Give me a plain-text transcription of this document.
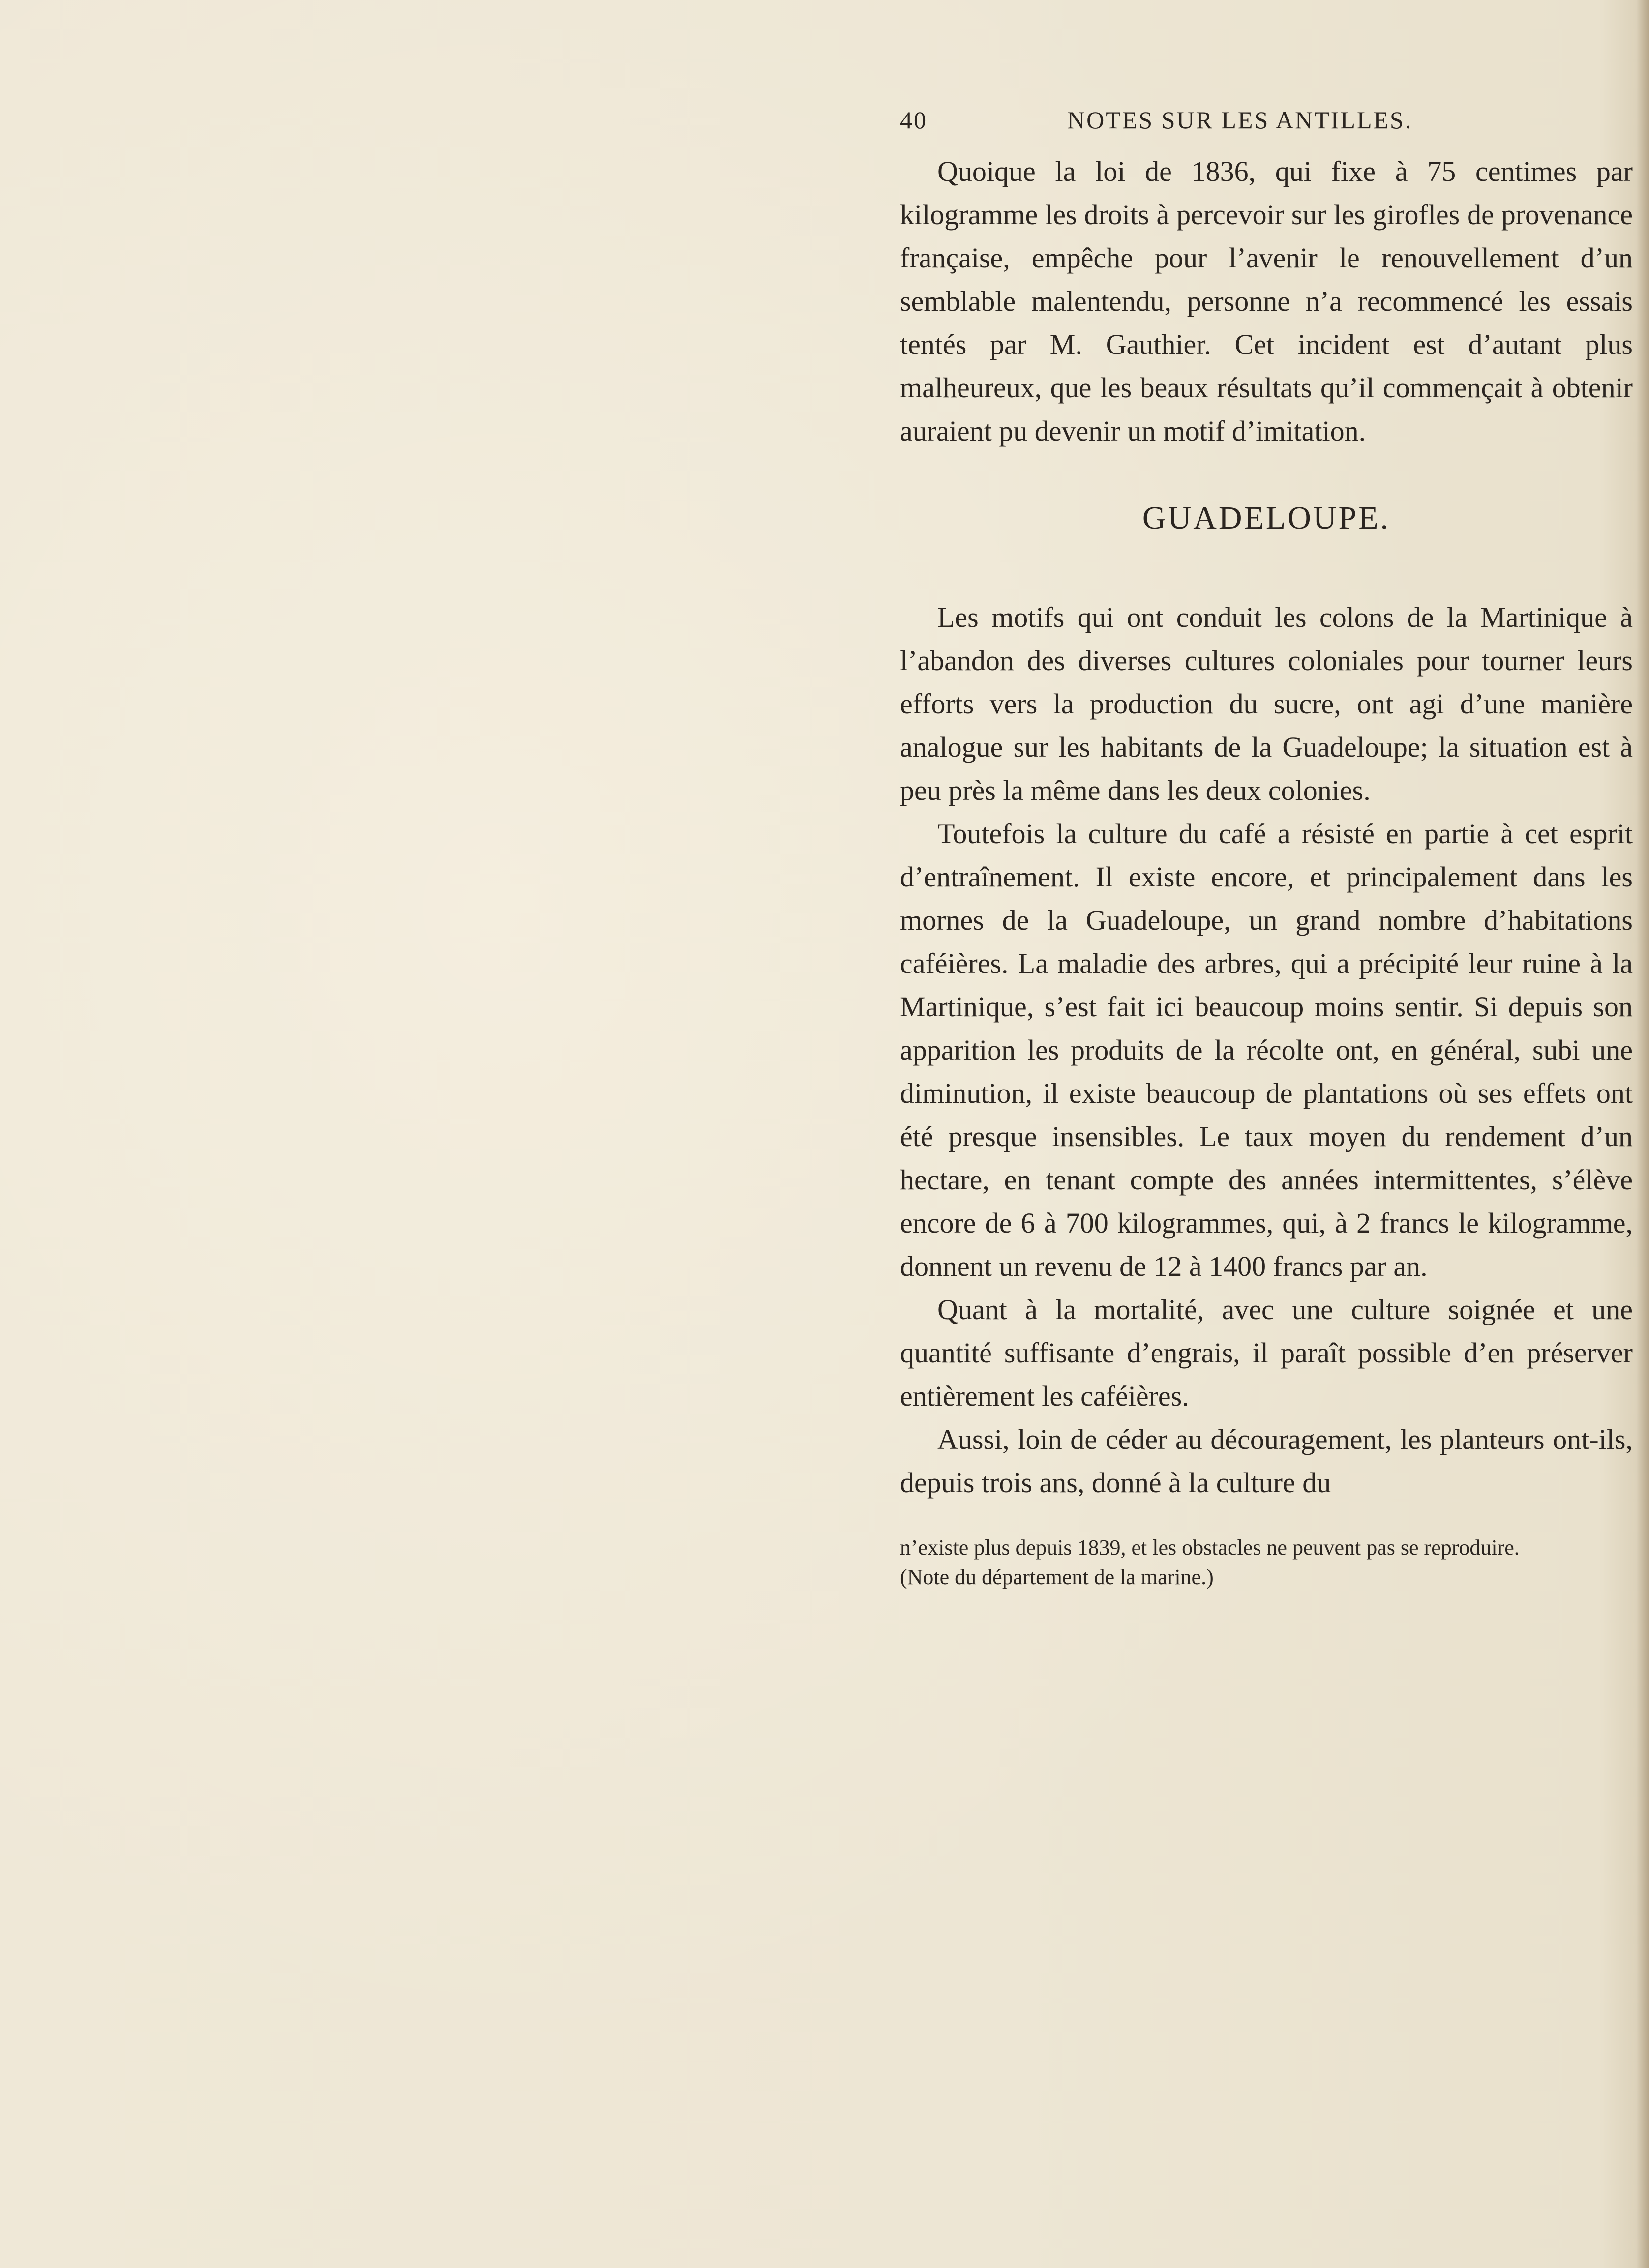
40	NOTES SUR LES ANTILLES.

Quoique la loi de 1836, qui fixe à 75 centimes par kilogramme les droits à percevoir sur les girofles de provenance française, empêche pour l’avenir le renouvellement d’un semblable malentendu, personne n’a recommencé les essais tentés par M. Gauthier. Cet incident est d’autant plus malheureux, que les beaux résultats qu’il commençait à obtenir auraient pu devenir un motif d’imitation.

GUADELOUPE.

Les motifs qui ont conduit les colons de la Martinique à l’abandon des diverses cultures coloniales pour tourner leurs efforts vers la production du sucre, ont agi d’une manière analogue sur les habitants de la Guadeloupe; la situation est à peu près la même dans les deux colonies.

Toutefois la culture du café a résisté en partie à cet esprit d’entraînement. Il existe encore, et principalement dans les mornes de la Guadeloupe, un grand nombre d’habitations caféières. La maladie des arbres, qui a précipité leur ruine à la Martinique, s’est fait ici beaucoup moins sentir. Si depuis son apparition les produits de la récolte ont, en général, subi une diminution, il existe beaucoup de plantations où ses effets ont été presque insensibles. Le taux moyen du rendement d’un hectare, en tenant compte des années intermittentes, s’élève encore de 6 à 700 kilogrammes, qui, à 2 francs le kilogramme, donnent un revenu de 12 à 1400 francs par an.

Quant à la mortalité, avec une culture soignée et une quantité suffisante d’engrais, il paraît possible d’en préserver entièrement les caféières.

Aussi, loin de céder au découragement, les planteurs ont-ils, depuis trois ans, donné à la culture du

n’existe plus depuis 1839, et les obstacles ne peuvent pas se reproduire.
(Note du département de la marine.)
